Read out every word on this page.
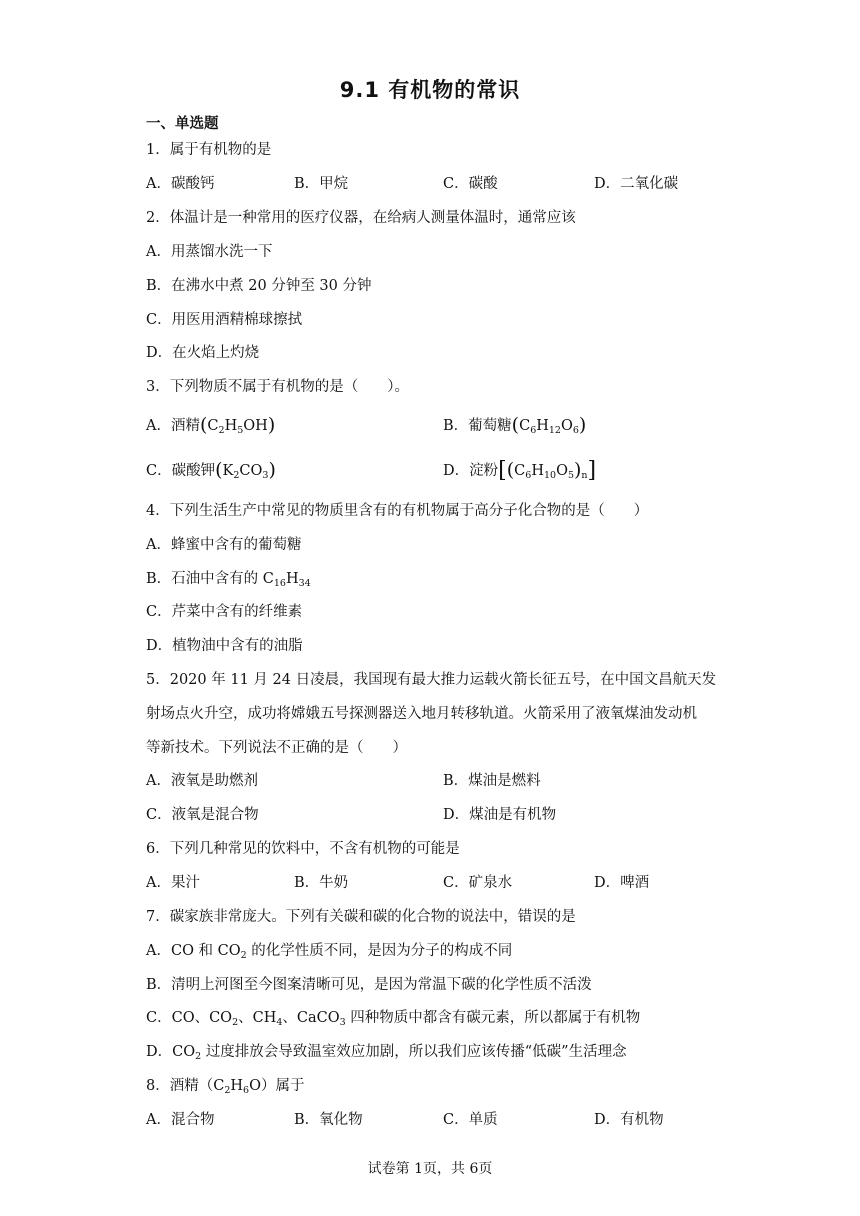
9.1 有机物的常识
一、单选题
1．属于有机物的是
A．碳酸钙	B．甲烷	C．碳酸	D．二氧化碳
2．体温计是一种常用的医疗仪器，在给病人测量体温时，通常应该
A．用蒸馏水洗一下
B．在沸水中煮 20 分钟至 30 分钟
C．用医用酒精棉球擦拭
D．在火焰上灼烧
3．下列物质不属于有机物的是（　　）。
A．酒精$(C_2H_5OH)$	B．葡萄糖$(C_6H_{12}O_6)$
C．碳酸钾$(K_2CO_3)$	D．淀粉$[(C_6H_{10}O_5)_n]$
4．下列生活生产中常见的物质里含有的有机物属于高分子化合物的是（　　）
A．蜂蜜中含有的葡萄糖
B．石油中含有的 $C_{16}H_{34}$
C．芹菜中含有的纤维素
D．植物油中含有的油脂
5．2020 年 11 月 24 日凌晨，我国现有最大推力运载火箭长征五号，在中国文昌航天发
射场点火升空，成功将嫦娥五号探测器送入地月转移轨道。火箭采用了液氧煤油发动机
等新技术。下列说法不正确的是（　　）
A．液氧是助燃剂	B．煤油是燃料
C．液氧是混合物	D．煤油是有机物
6．下列几种常见的饮料中，不含有机物的可能是
A．果汁	B．牛奶	C．矿泉水	D．啤酒
7．碳家族非常庞大。下列有关碳和碳的化合物的说法中，错误的是
A．CO 和 $CO_2$ 的化学性质不同，是因为分子的构成不同
B．清明上河图至今图案清晰可见，是因为常温下碳的化学性质不活泼
C．CO、$CO_2$、$CH_4$、CaCO$_3$ 四种物质中都含有碳元素，所以都属于有机物
D．$CO_2$ 过度排放会导致温室效应加剧，所以我们应该传播“低碳”生活理念
8．酒精$(C_2H_6O)$属于
A．混合物	B．氧化物	C．单质	D．有机物
试卷第 1页，共 6页
